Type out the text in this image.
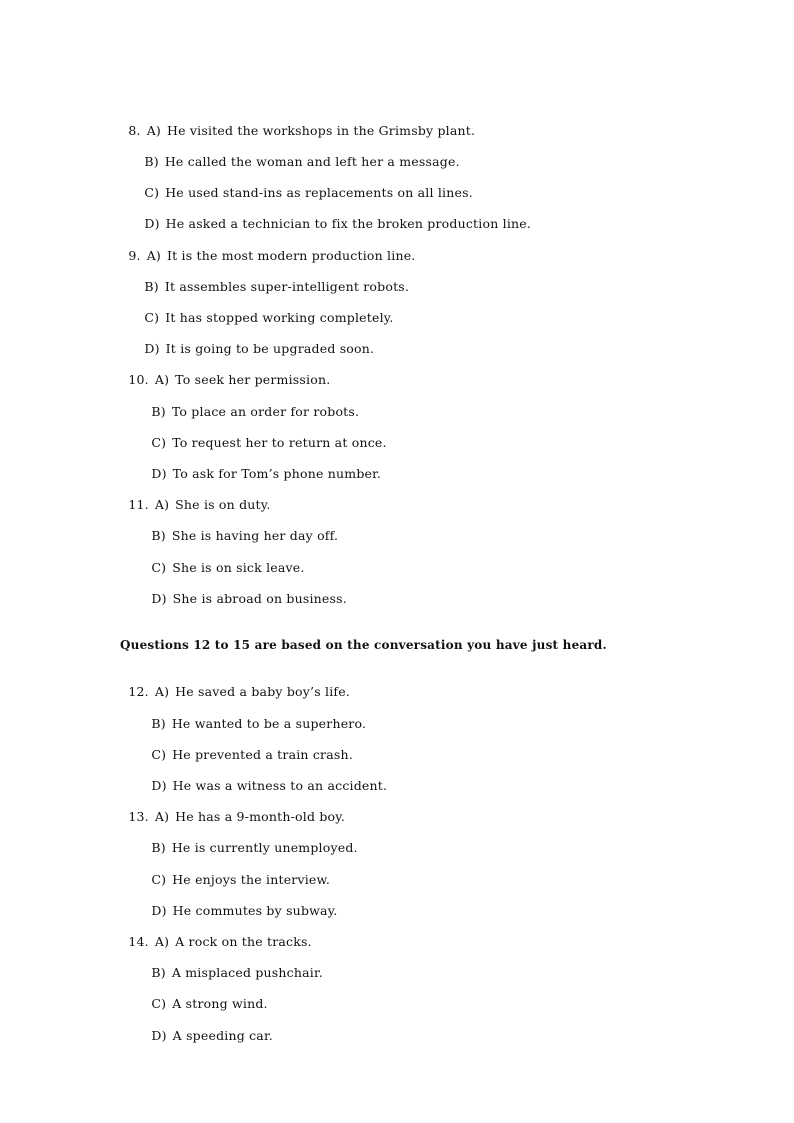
8. A) He visited the workshops in the Grimsby plant.

B) He called the woman and left her a message.

C) He used stand-ins as replacements on all lines.

D) He asked a technician to fix the broken production line.

9. A) It is the most modern production line.

B) It assembles super-intelligent robots.

C) It has stopped working completely.

D) It is going to be upgraded soon.

10. A) To seek her permission.

B) To place an order for robots.

C) To request her to return at once.

D) To ask for Tom’s phone number.

11. A) She is on duty.

B) She is having her day off.

C) She is on sick leave.

D) She is abroad on business.

Questions 12 to 15 are based on the conversation you have just heard.

12. A) He saved a baby boy’s life.

B) He wanted to be a superhero.

C) He prevented a train crash.

D) He was a witness to an accident.

13. A) He has a 9-month-old boy.

B) He is currently unemployed.

C) He enjoys the interview.

D) He commutes by subway.

14. A) A rock on the tracks.

B) A misplaced pushchair.

C) A strong wind.

D) A speeding car.
